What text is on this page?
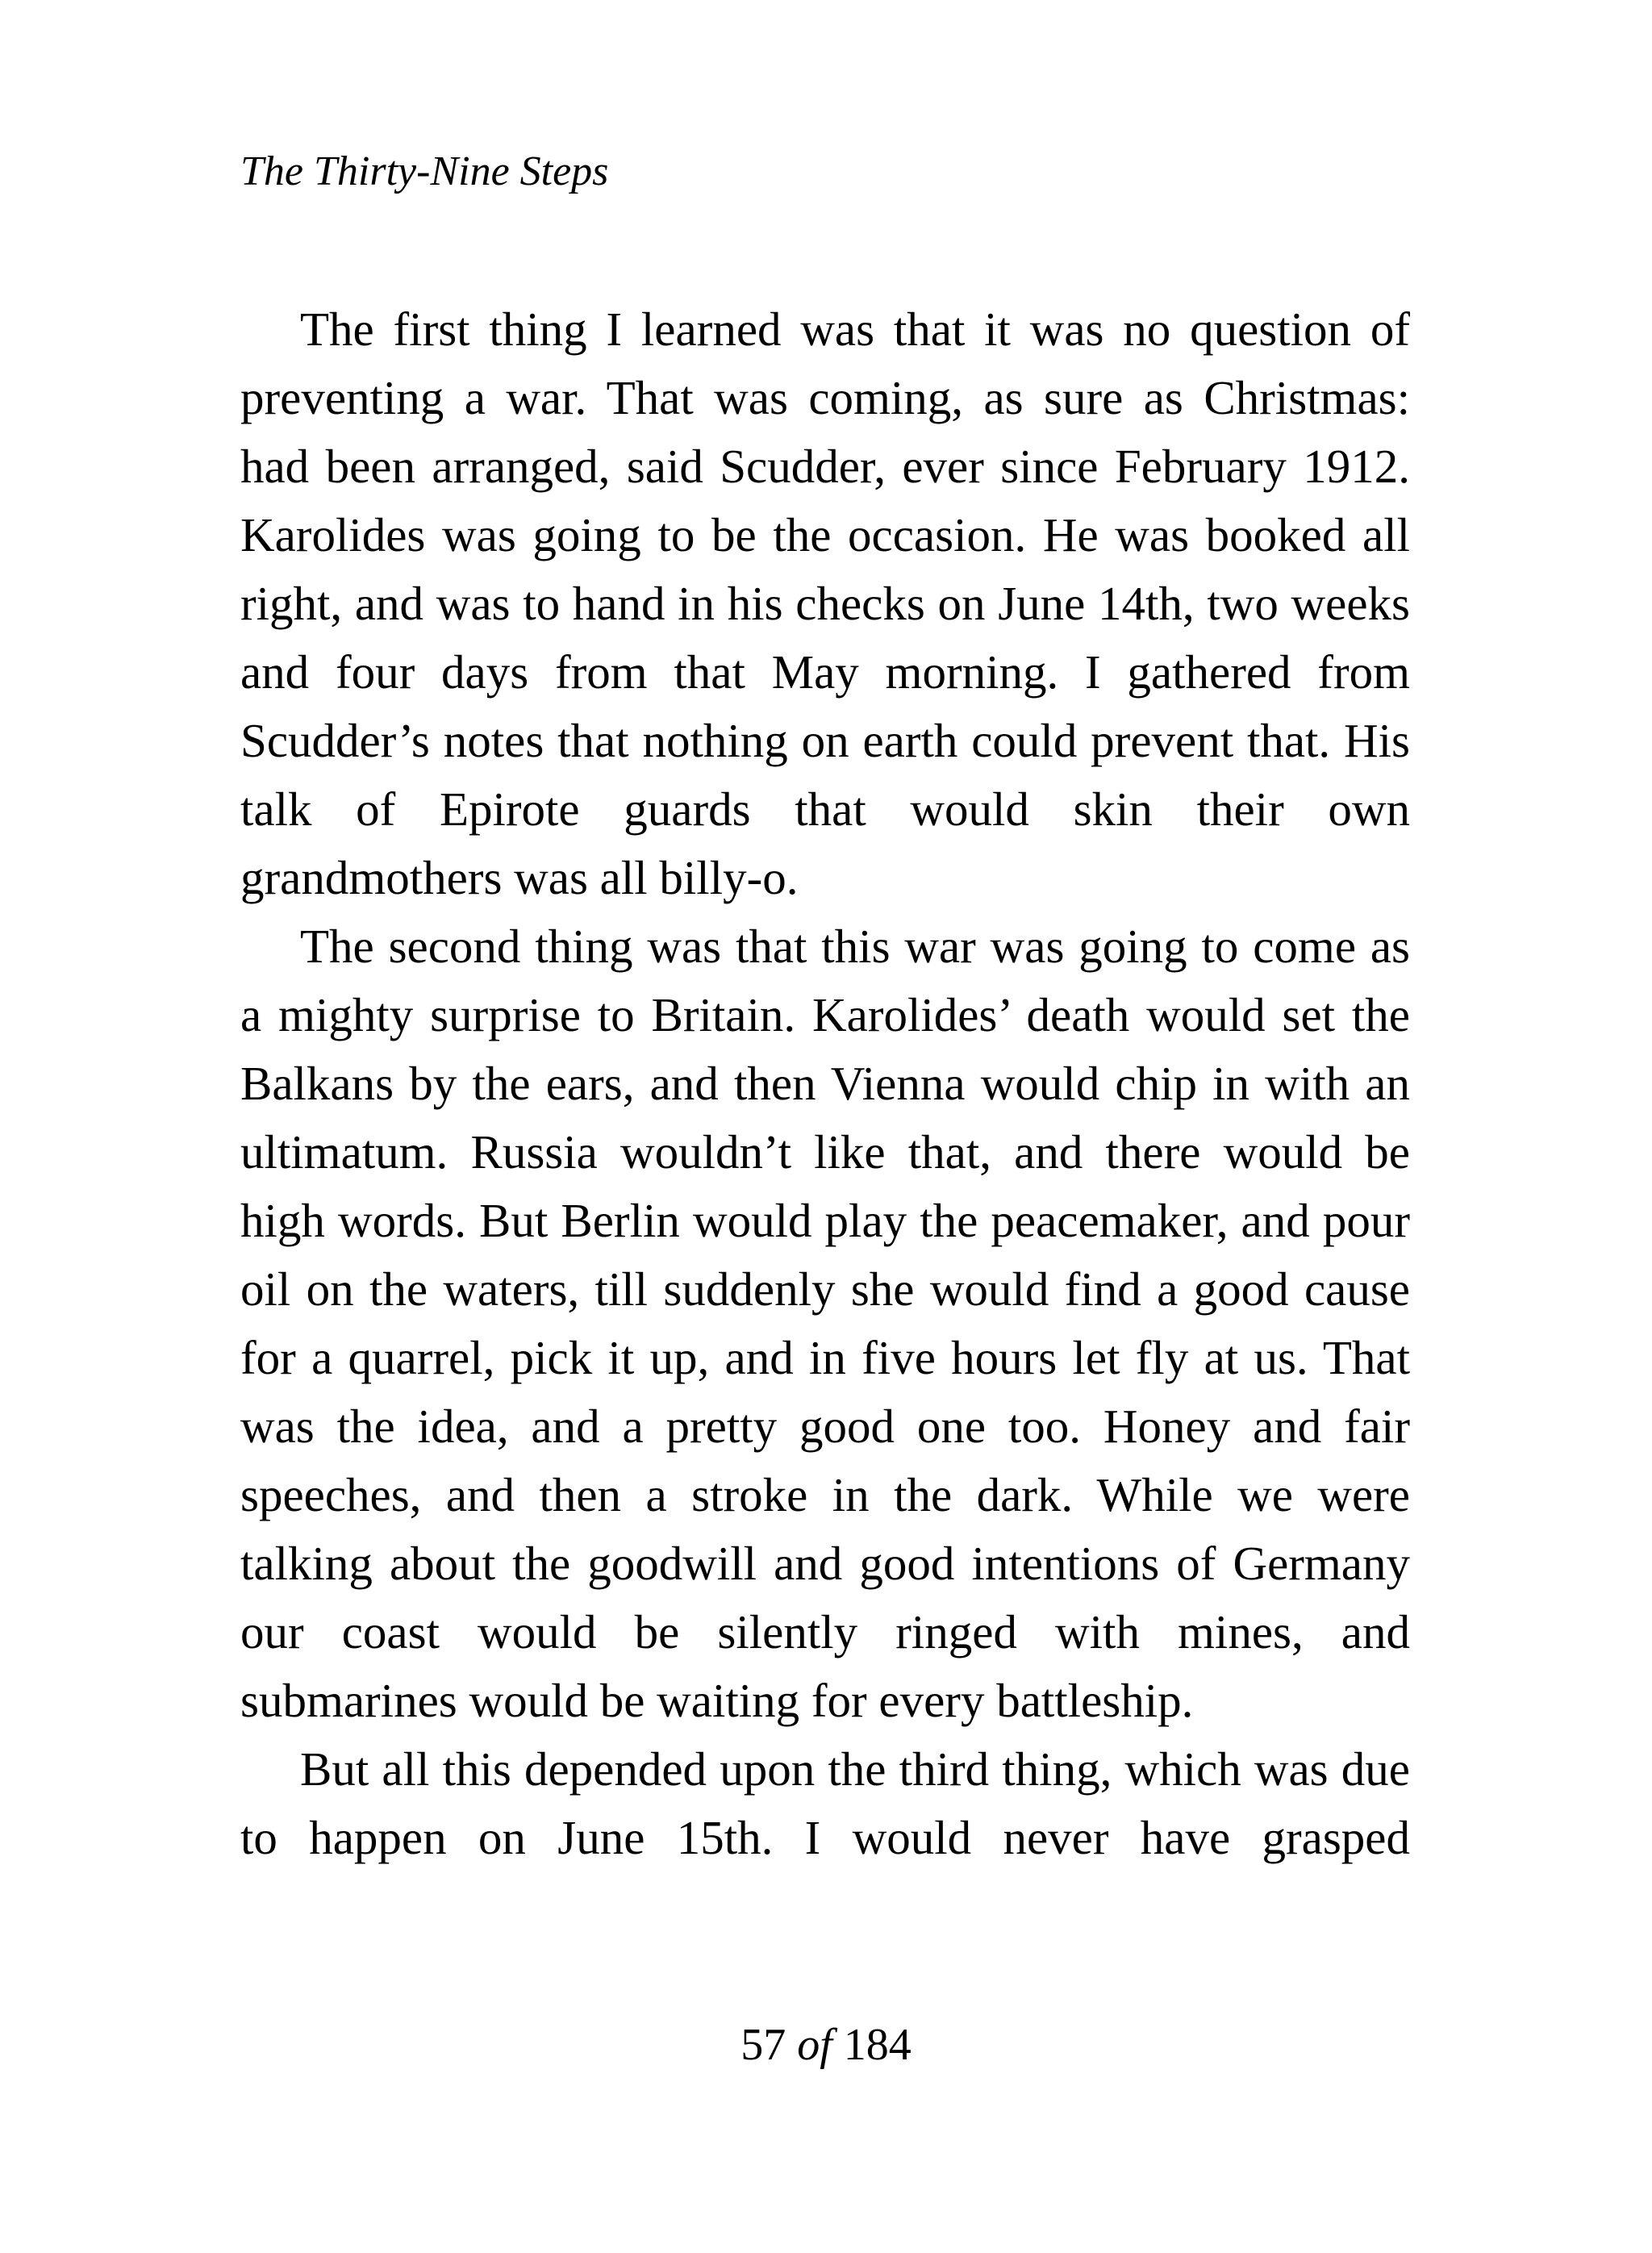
The Thirty-Nine Steps

The first thing I learned was that it was no question of preventing a war. That was coming, as sure as Christmas: had been arranged, said Scudder, ever since February 1912. Karolides was going to be the occasion. He was booked all right, and was to hand in his checks on June 14th, two weeks and four days from that May morning. I gathered from Scudder’s notes that nothing on earth could prevent that. His talk of Epirote guards that would skin their own grandmothers was all billy-o.

The second thing was that this war was going to come as a mighty surprise to Britain. Karolides’ death would set the Balkans by the ears, and then Vienna would chip in with an ultimatum. Russia wouldn’t like that, and there would be high words. But Berlin would play the peacemaker, and pour oil on the waters, till suddenly she would find a good cause for a quarrel, pick it up, and in five hours let fly at us. That was the idea, and a pretty good one too. Honey and fair speeches, and then a stroke in the dark. While we were talking about the goodwill and good intentions of Germany our coast would be silently ringed with mines, and submarines would be waiting for every battleship.

But all this depended upon the third thing, which was due to happen on June 15th. I would never have grasped

57 of 184
